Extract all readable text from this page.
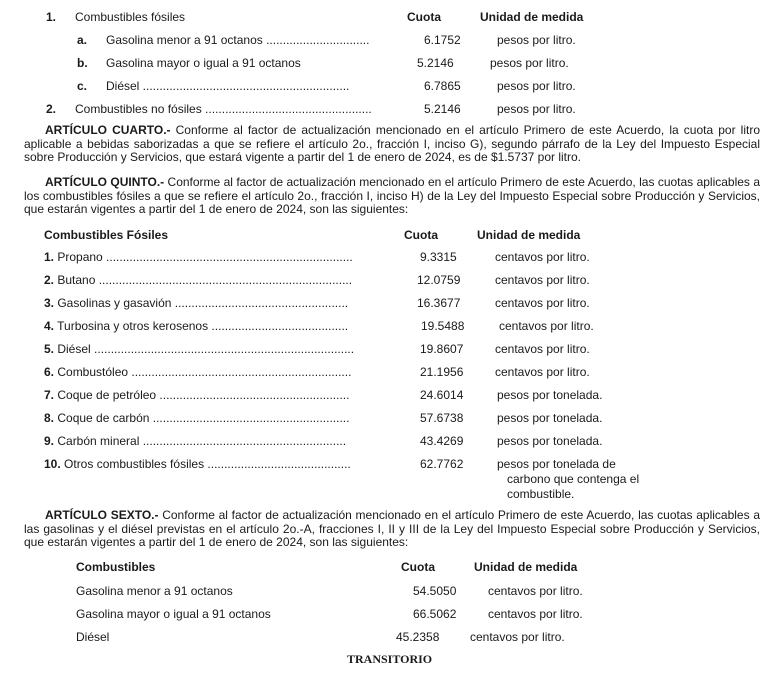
1. Combustibles fósiles	Cuota	Unidad de medida
a. Gasolina menor a 91 octanos ...............................	6.1752	pesos por litro.
b. Gasolina mayor o igual a 91 octanos	5.2146	pesos por litro.
c. Diésel ..............................................................	6.7865	pesos por litro.
2. Combustibles no fósiles ..................................................	5.2146	pesos por litro.
ARTÍCULO CUARTO.- Conforme al factor de actualización mencionado en el artículo Primero de este Acuerdo, la cuota por litro aplicable a bebidas saborizadas a que se refiere el artículo 2o., fracción I, inciso G), segundo párrafo de la Ley del Impuesto Especial sobre Producción y Servicios, que estará vigente a partir del 1 de enero de 2024, es de $1.5737 por litro.
ARTÍCULO QUINTO.- Conforme al factor de actualización mencionado en el artículo Primero de este Acuerdo, las cuotas aplicables a los combustibles fósiles a que se refiere el artículo 2o., fracción I, inciso H) de la Ley del Impuesto Especial sobre Producción y Servicios, que estarán vigentes a partir del 1 de enero de 2024, son las siguientes:
Combustibles Fósiles	Cuota	Unidad de medida
1. Propano ..........................................................................	9.3315	centavos por litro.
2. Butano ............................................................................	12.0759	centavos por litro.
3. Gasolinas y gasavión ....................................................	16.3677	centavos por litro.
4. Turbosina y otros kerosenos .........................................	19.5488	centavos por litro.
5. Diésel ..............................................................................	19.8607	centavos por litro.
6. Combustóleo ..................................................................	21.1956	centavos por litro.
7. Coque de petróleo .........................................................	24.6014	pesos por tonelada.
8. Coque de carbón ...........................................................	57.6738	pesos por tonelada.
9. Carbón mineral .............................................................	43.4269	pesos por tonelada.
10. Otros combustibles fósiles ...........................................	62.7762	pesos por tonelada de
carbono que contenga el
combustible.
ARTÍCULO SEXTO.- Conforme al factor de actualización mencionado en el artículo Primero de este Acuerdo, las cuotas aplicables a las gasolinas y el diésel previstas en el artículo 2o.-A, fracciones I, II y III de la Ley del Impuesto Especial sobre Producción y Servicios, que estarán vigentes a partir del 1 de enero de 2024, son las siguientes:
Combustibles	Cuota	Unidad de medida
Gasolina menor a 91 octanos	54.5050	centavos por litro.
Gasolina mayor o igual a 91 octanos	66.5062	centavos por litro.
Diésel	45.2358	centavos por litro.
TRANSITORIO
